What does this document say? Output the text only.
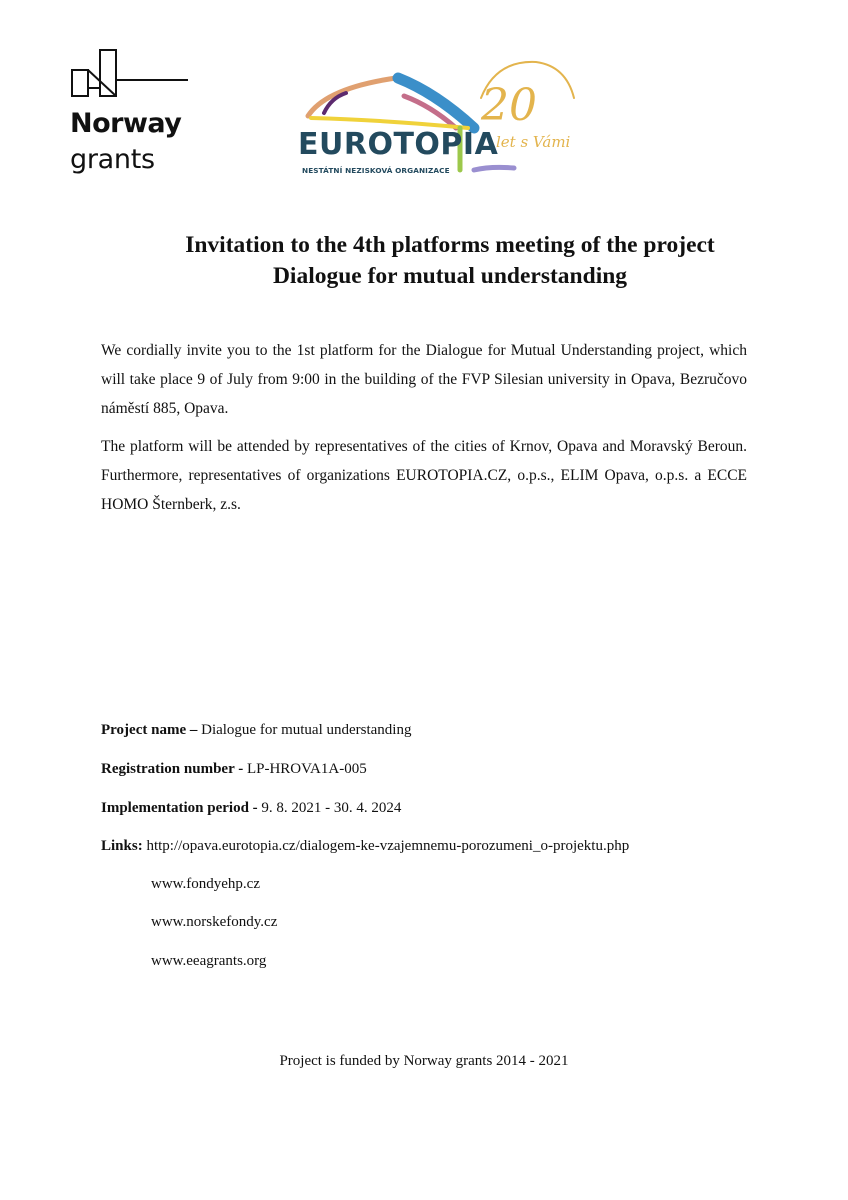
Norway
grants	EUROTOPIA
NESTÁTNÍ NEZISKOVÁ ORGANIZACE
20
let s Vámi
Invitation to the 4th platforms meeting of the project
Dialogue for mutual understanding
We cordially invite you to the 1st platform for the Dialogue for Mutual Understanding project, which will take place 9 of July from 9:00 in the building of the FVP Silesian university in Opava, Bezručovo náměstí 885, Opava.
The platform will be attended by representatives of the cities of Krnov, Opava and Moravský Beroun. Furthermore, representatives of organizations EUROTOPIA.CZ, o.p.s., ELIM Opava, o.p.s. a ECCE HOMO Šternberk, z.s.
Project name – Dialogue for mutual understanding
Registration number - LP-HROVA1A-005
Implementation period - 9. 8. 2021 - 30. 4. 2024
Links: http://opava.eurotopia.cz/dialogem-ke-vzajemnemu-porozumeni_o-projektu.php
www.fondyehp.cz
www.norskefondy.cz
www.eeagrants.org
Project is funded by Norway grants 2014 - 2021
